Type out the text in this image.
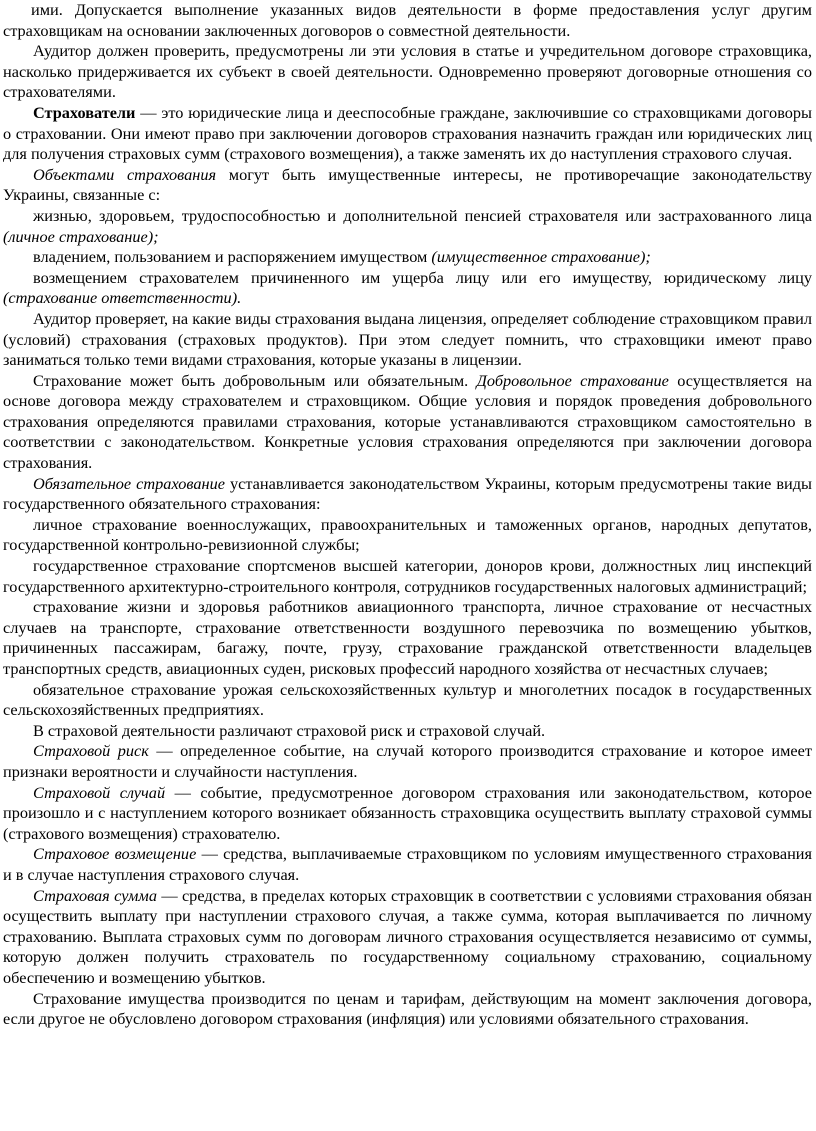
ими. Допускается выполнение указанных видов деятельности в форме предоставления услуг другим страховщикам на основании заключенных договоров о совместной деятельности.

Аудитор должен проверить, предусмотрены ли эти условия в статье и учредительном договоре страховщика, насколько придерживается их субъект в своей деятельности. Одновременно проверяют договорные отношения со страхователями.

Страхователи — это юридические лица и дееспособные граждане, заключившие со страховщиками договоры о страховании. Они имеют право при заключении договоров страхования назначить граждан или юридических лиц для получения страховых сумм (страхового возмещения), а также заменять их до наступления страхового случая.

Объектами страхования могут быть имущественные интересы, не противоречащие законодательству Украины, связанные с:

жизнью, здоровьем, трудоспособностью и дополнительной пенсией страхователя или застрахованного лица (личное страхование);

владением, пользованием и распоряжением имуществом (имущественное страхование);

возмещением страхователем причиненного им ущерба лицу или его имуществу, юридическому лицу (страхование ответственности).

Аудитор проверяет, на какие виды страхования выдана лицензия, определяет соблюдение страховщиком правил (условий) страхования (страховых продуктов). При этом следует помнить, что страховщики имеют право заниматься только теми видами страхования, которые указаны в лицензии.

Страхование может быть добровольным или обязательным. Добровольное страхование осуществляется на основе договора между страхователем и страховщиком. Общие условия и порядок проведения добровольного страхования определяются правилами страхования, которые устанавливаются страховщиком самостоятельно в соответствии с законодательством. Конкретные условия страхования определяются при заключении договора страхования.

Обязательное страхование устанавливается законодательством Украины, которым предусмотрены такие виды государственного обязательного страхования:

личное страхование военнослужащих, правоохранительных и таможенных органов, народных депутатов, государственной контрольно-ревизионной службы;

государственное страхование спортсменов высшей категории, доноров крови, должностных лиц инспекций государственного архитектурно-строительного контроля, сотрудников государственных налоговых администраций;

страхование жизни и здоровья работников авиационного транспорта, личное страхование от несчастных случаев на транспорте, страхование ответственности воздушного перевозчика по возмещению убытков, причиненных пассажирам, багажу, почте, грузу, страхование гражданской ответственности владельцев транспортных средств, авиационных суден, рисковых профессий народного хозяйства от несчастных случаев;

обязательное страхование урожая сельскохозяйственных культур и многолетних посадок в государственных сельскохозяйственных предприятиях.

В страховой деятельности различают страховой риск и страховой случай.

Страховой риск — определенное событие, на случай которого производится страхование и которое имеет признаки вероятности и случайности наступления.

Страховой случай — событие, предусмотренное договором страхования или законодательством, которое произошло и с наступлением которого возникает обязанность страховщика осуществить выплату страховой суммы (страхового возмещения) страхователю.

Страховое возмещение — средства, выплачиваемые страховщиком по условиям имущественного страхования и в случае наступления страхового случая.

Страховая сумма — средства, в пределах которых страховщик в соответствии с условиями страхования обязан осуществить выплату при наступлении страхового случая, а также сумма, которая выплачивается по личному страхованию. Выплата страховых сумм по договорам личного страхования осуществляется независимо от суммы, которую должен получить страхователь по государственному социальному страхованию, социальному обеспечению и возмещению убытков.

Страхование имущества производится по ценам и тарифам, действующим на момент заключения договора, если другое не обусловлено договором страхования (инфляция) или условиями обязательного страхования.
